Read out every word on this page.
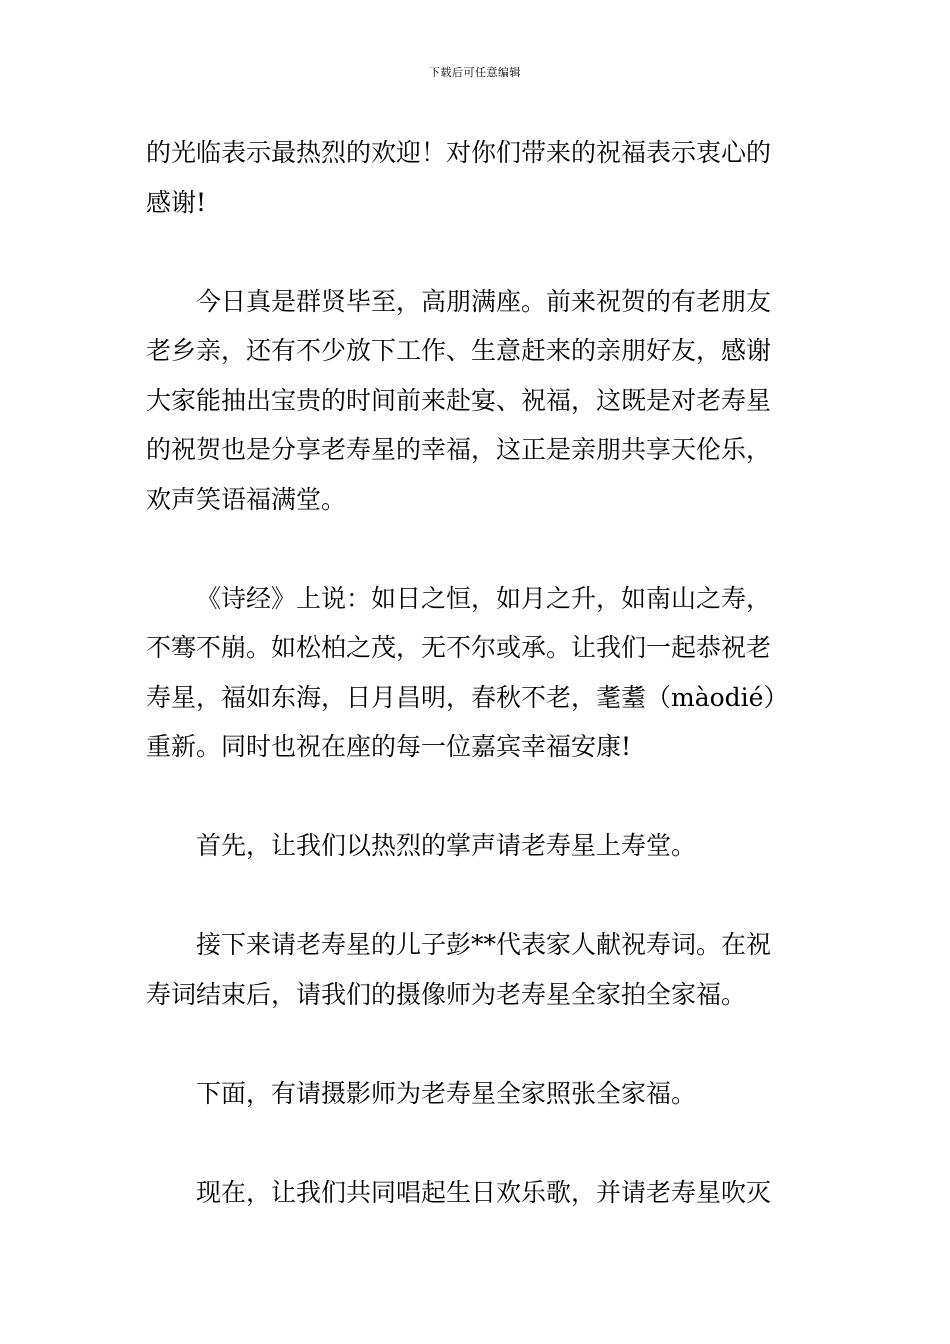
下载后可任意编辑
的光临表示最热烈的欢迎！对你们带来的祝福表示衷心的
感谢!
今日真是群贤毕至，高朋满座。前来祝贺的有老朋友
老乡亲，还有不少放下工作、生意赶来的亲朋好友，感谢
大家能抽出宝贵的时间前来赴宴、祝福，这既是对老寿星
的祝贺也是分享老寿星的幸福，这正是亲朋共享天伦乐，
欢声笑语福满堂。
《诗经》上说：如日之恒，如月之升，如南山之寿，
不骞不崩。如松柏之茂，无不尔或承。让我们一起恭祝老
寿星，福如东海，日月昌明，春秋不老，耄耋（màodié）
重新。同时也祝在座的每一位嘉宾幸福安康!
首先，让我们以热烈的掌声请老寿星上寿堂。
接下来请老寿星的儿子彭**代表家人献祝寿词。在祝
寿词结束后，请我们的摄像师为老寿星全家拍全家福。
下面，有请摄影师为老寿星全家照张全家福。
现在，让我们共同唱起生日欢乐歌，并请老寿星吹灭
